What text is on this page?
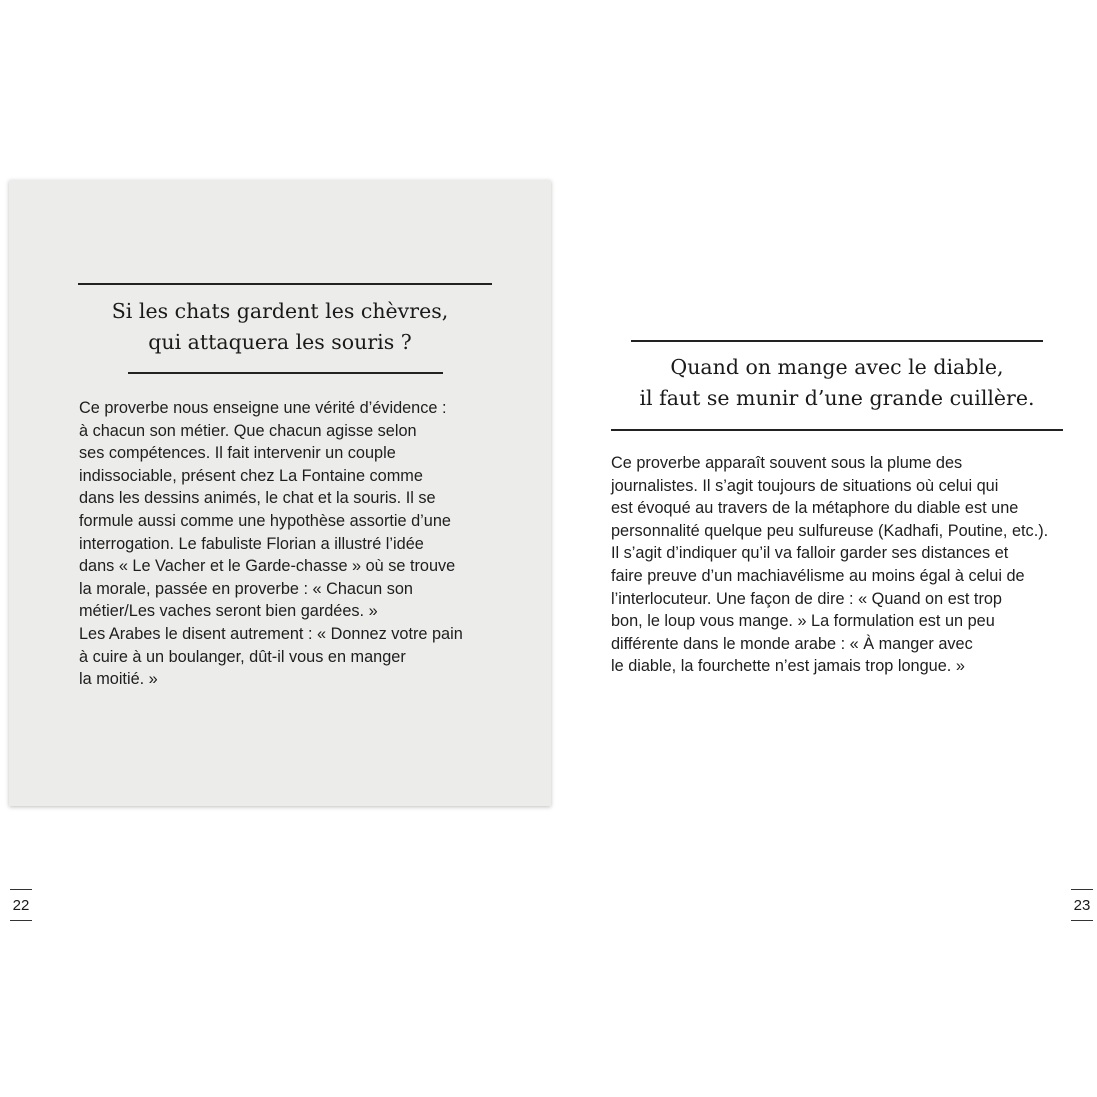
Si les chats gardent les chèvres,
qui attaquera les souris ?
Ce proverbe nous enseigne une vérité d’évidence :
à chacun son métier. Que chacun agisse selon
ses compétences. Il fait intervenir un couple
indissociable, présent chez La Fontaine comme
dans les dessins animés, le chat et la souris. Il se
formule aussi comme une hypothèse assortie d’une
interrogation. Le fabuliste Florian a illustré l’idée
dans « Le Vacher et le Garde-chasse » où se trouve
la morale, passée en proverbe : « Chacun son
métier/Les vaches seront bien gardées. »
Les Arabes le disent autrement : « Donnez votre pain
à cuire à un boulanger, dût-il vous en manger
la moitié. »
Quand on mange avec le diable,
il faut se munir d’une grande cuillère.
Ce proverbe apparaît souvent sous la plume des
journalistes. Il s’agit toujours de situations où celui qui
est évoqué au travers de la métaphore du diable est une
personnalité quelque peu sulfureuse (Kadhafi, Poutine, etc.).
Il s’agit d’indiquer qu’il va falloir garder ses distances et
faire preuve d’un machiavélisme au moins égal à celui de
l’interlocuteur. Une façon de dire : « Quand on est trop
bon, le loup vous mange. » La formulation est un peu
différente dans le monde arabe : « À manger avec
le diable, la fourchette n’est jamais trop longue. »
22	23
